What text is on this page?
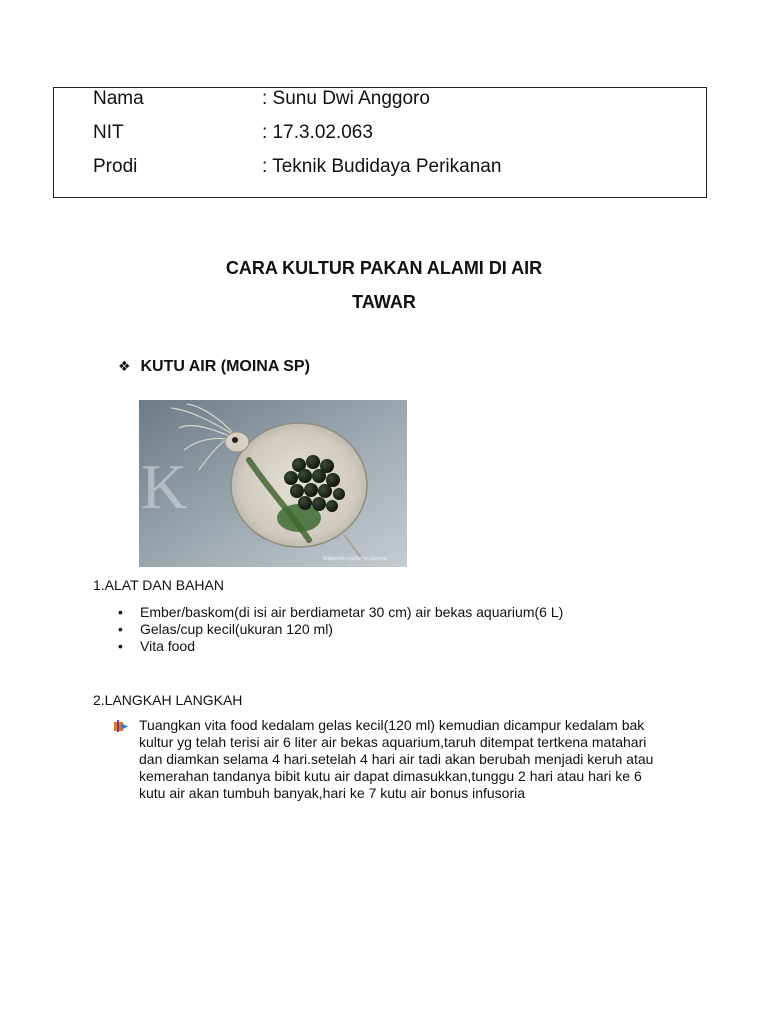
Nama	: Sunu Dwi Anggoro
NIT	: 17.3.02.063
Prodi	: Teknik Budidaya Perikanan
CARA KULTUR PAKAN ALAMI DI AIR
TAWAR
❖ KUTU AIR (MOINA SP)
K
Wikipedia.org/Delme Gaynor
1.ALAT DAN BAHAN
• Ember/baskom(di isi air berdiametar 30 cm) air bekas aquarium(6 L)
• Gelas/cup kecil(ukuran 120 ml)
• Vita food
2.LANGKAH LANGKAH
Tuangkan vita food kedalam gelas kecil(120 ml) kemudian dicampur kedalam bak
kultur yg telah terisi air 6 liter air bekas aquarium,taruh ditempat tertkena matahari
dan diamkan selama 4 hari.setelah 4 hari air tadi akan berubah menjadi keruh atau
kemerahan tandanya bibit kutu air dapat dimasukkan,tunggu 2 hari atau hari ke 6
kutu air akan tumbuh banyak,hari ke 7 kutu air bonus infusoria
